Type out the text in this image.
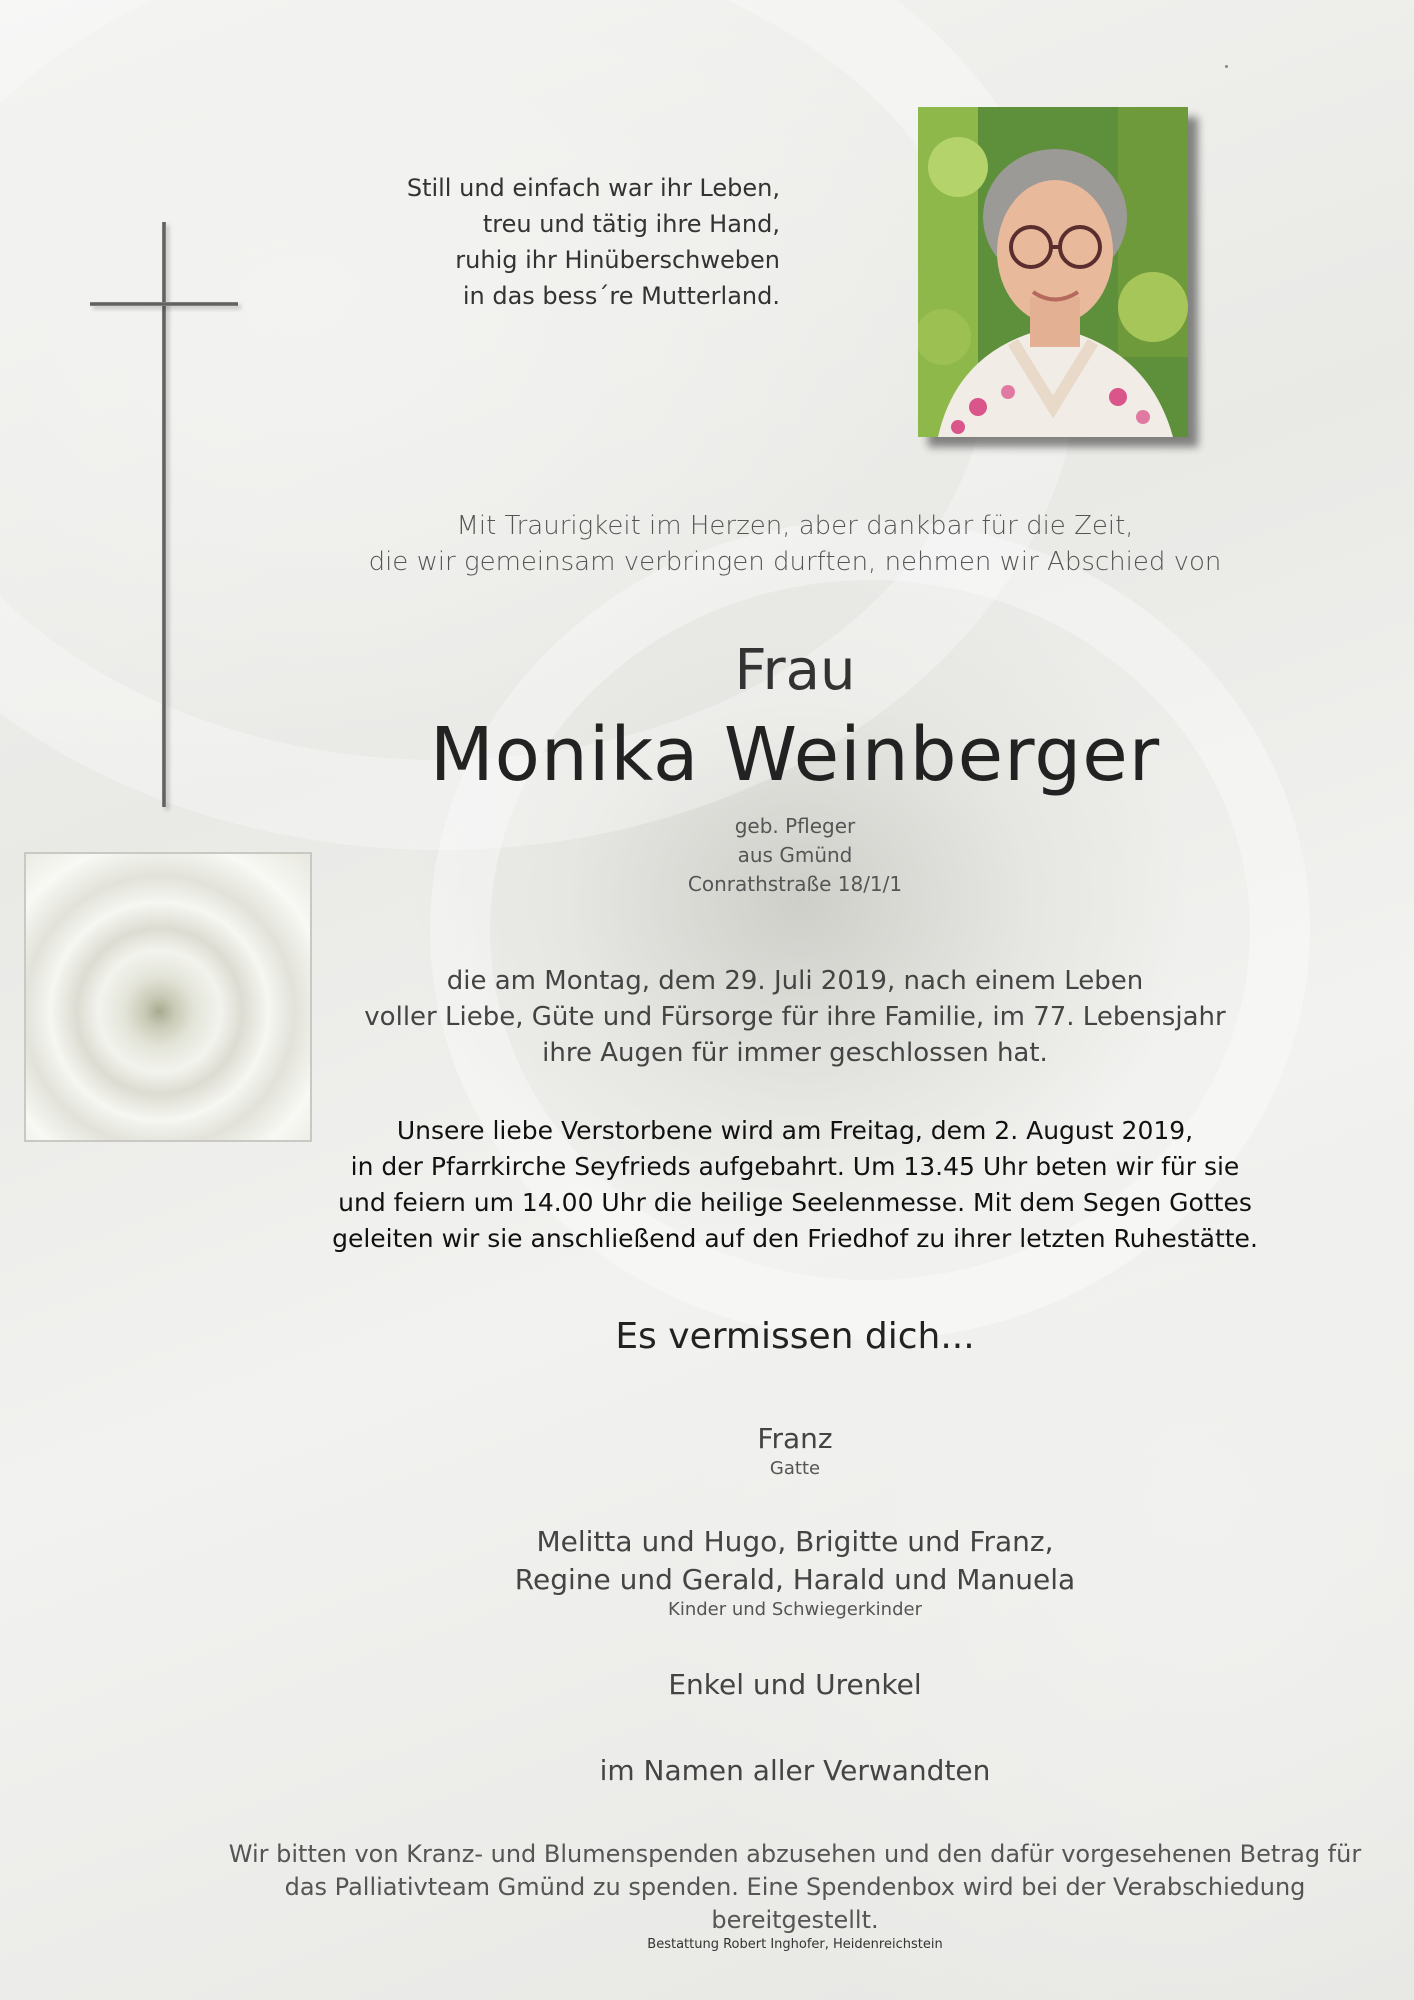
Still und einfach war ihr Leben,
treu und tätig ihre Hand,
ruhig ihr Hinüberschweben
in das bess´re Mutterland.
Mit Traurigkeit im Herzen, aber dankbar für die Zeit,
die wir gemeinsam verbringen durften, nehmen wir Abschied von
Frau
Monika Weinberger
geb. Pfleger
aus Gmünd
Conrathstraße 18/1/1
die am Montag, dem 29. Juli 2019, nach einem Leben
voller Liebe, Güte und Fürsorge für ihre Familie, im 77. Lebensjahr
ihre Augen für immer geschlossen hat.
Unsere liebe Verstorbene wird am Freitag, dem 2. August 2019,
in der Pfarrkirche Seyfrieds aufgebahrt. Um 13.45 Uhr beten wir für sie
und feiern um 14.00 Uhr die heilige Seelenmesse. Mit dem Segen Gottes
geleiten wir sie anschließend auf den Friedhof zu ihrer letzten Ruhestätte.
Es vermissen dich...
Franz
Gatte
Melitta und Hugo, Brigitte und Franz,
Regine und Gerald, Harald und Manuela
Kinder und Schwiegerkinder
Enkel und Urenkel
im Namen aller Verwandten
Wir bitten von Kranz- und Blumenspenden abzusehen und den dafür vorgesehenen Betrag für
das Palliativteam Gmünd zu spenden. Eine Spendenbox wird bei der Verabschiedung bereitgestellt.
Bestattung Robert Inghofer, Heidenreichstein
